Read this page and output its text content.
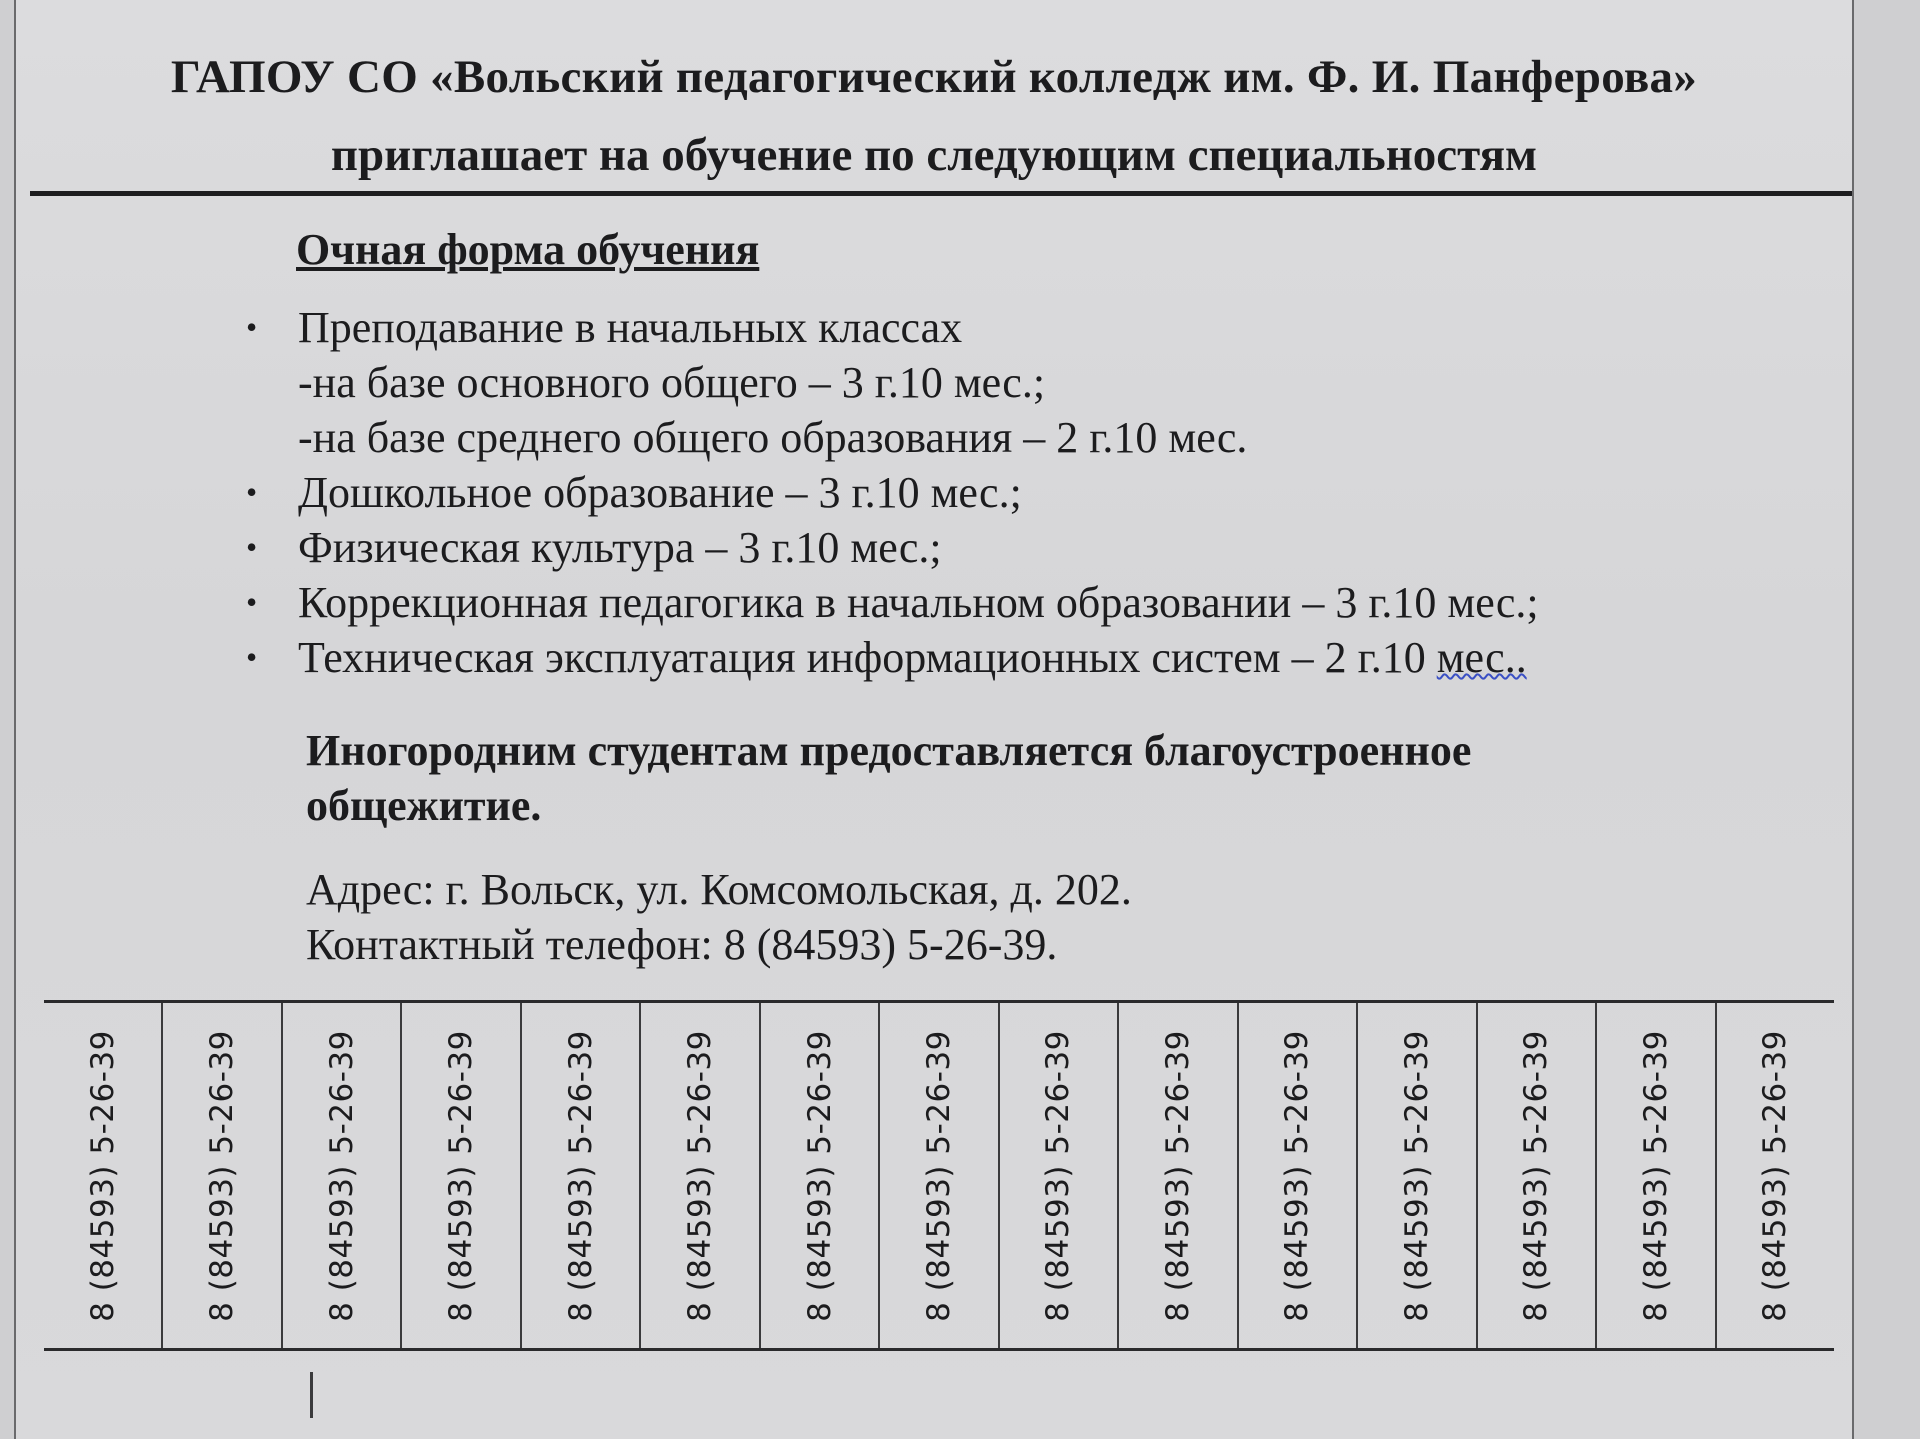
ГАПОУ СО «Вольский педагогический колледж им. Ф. И. Панферова»
приглашает на обучение по следующим специальностям
Очная форма обучения
• Преподавание в начальных классах
-на базе основного общего – 3 г.10 мес.;
-на базе среднего общего образования – 2 г.10 мес.
• Дошкольное образование – 3 г.10 мес.;
• Физическая культура – 3 г.10 мес.;
• Коррекционная педагогика в начальном образовании – 3 г.10 мес.;
• Техническая эксплуатация информационных систем – 2 г.10 мес..
Иногородним студентам предоставляется благоустроенное общежитие.
Адрес: г. Вольск, ул. Комсомольская, д. 202.
Контактный телефон: 8 (84593) 5-26-39.
8 (84593) 5-26-39	8 (84593) 5-26-39	8 (84593) 5-26-39	8 (84593) 5-26-39	8 (84593) 5-26-39	8 (84593) 5-26-39	8 (84593) 5-26-39	8 (84593) 5-26-39	8 (84593) 5-26-39	8 (84593) 5-26-39	8 (84593) 5-26-39	8 (84593) 5-26-39	8 (84593) 5-26-39	8 (84593) 5-26-39	8 (84593) 5-26-39
